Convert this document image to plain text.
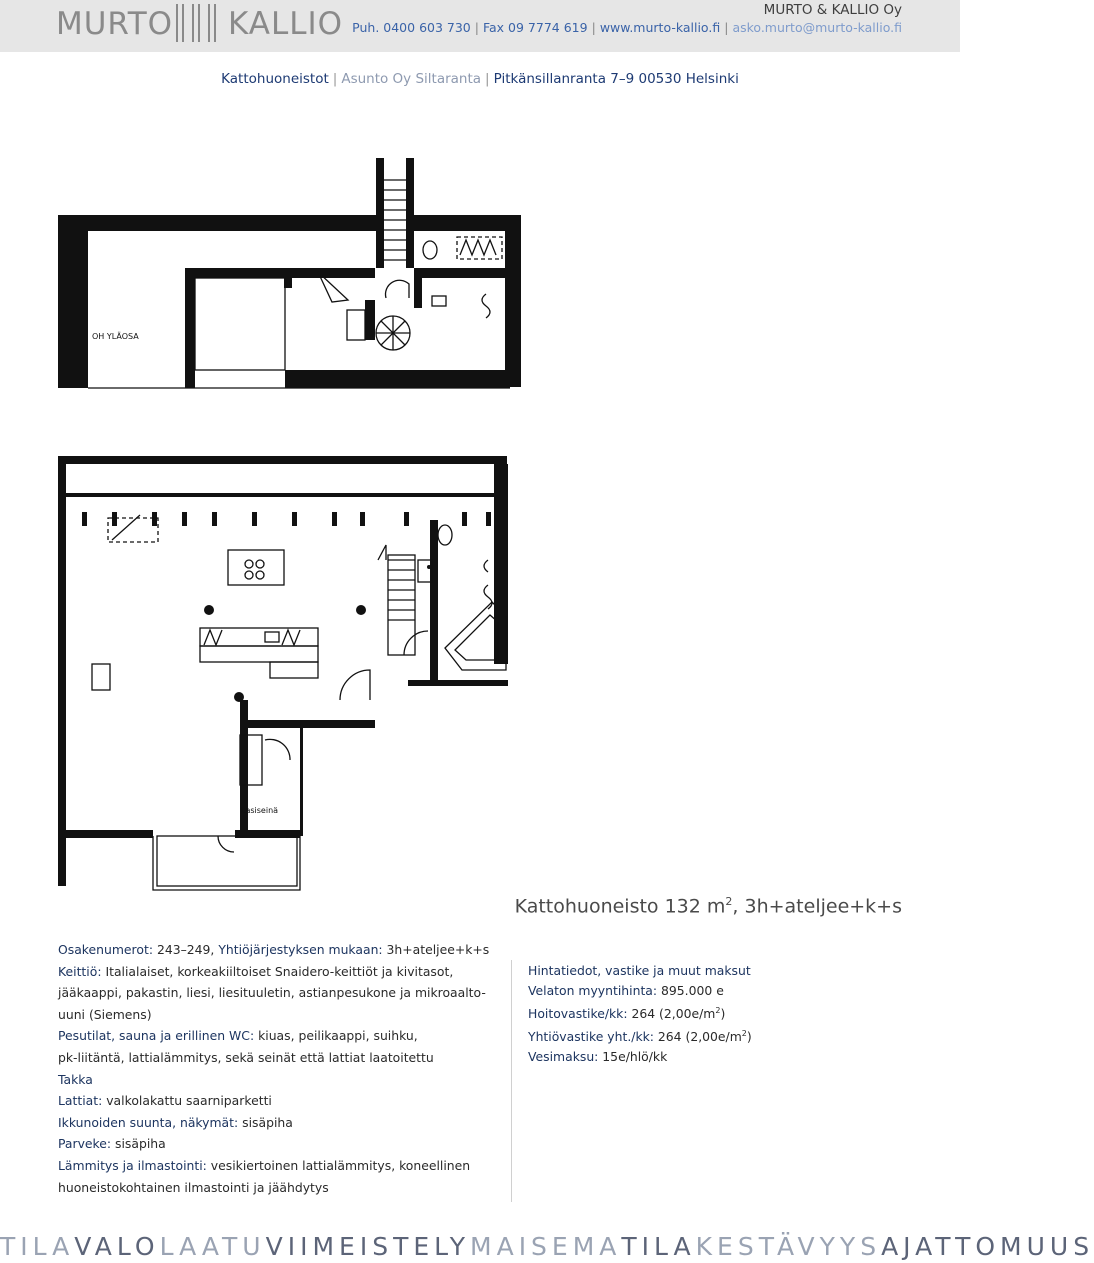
MURTO KALLIO	MURTO & KALLIO Oy
Puh. 0400 603 730 | Fax 09 7774 619 | www.murto-kallio.fi | asko.murto@murto-kallio.fi
Kattohuoneistot | Asunto Oy Siltaranta | Pitkänsillanranta 7–9 00530 Helsinki
OH YLÄOSA
Lasiseinä
Kattohuoneisto 132 $m^2$, 3h+ateljee+k+s
Osakenumerot: 243–249, Yhtiöjärjestyksen mukaan: 3h+ateljee+k+s
Keittiö: Italialaiset, korkeakiiltoiset Snaidero-keittiöt ja kivitasot,
jääkaappi, pakastin, liesi, liesituuletin, astianpesukone ja mikroaalto-
uuni (Siemens)
Pesutilat, sauna ja erillinen WC: kiuas, peilikaappi, suihku,
pk-liitäntä, lattialämmitys, sekä seinät että lattiat laatoitettu
Takka
Lattiat: valkolakattu saarniparketti
Ikkunoiden suunta, näkymät: sisäpiha
Parveke: sisäpiha
Lämmitys ja ilmastointi: vesikiertoinen lattialämmitys, koneellinen
huoneistokohtainen ilmastointi ja jäähdytys
Hintatiedot, vastike ja muut maksut
Velaton myyntihinta: 895.000 e
Hoitovastike/kk: 264 $(2,00e/m^2)$
Yhtiövastike yht./kk: 264 $(2,00e/m^2)$
Vesimaksu: 15e/hlö/kk
TILAVALOLAATUVIIMEISTELYMAISEMATILAKESTÄVYYSAJATTOMUUS
